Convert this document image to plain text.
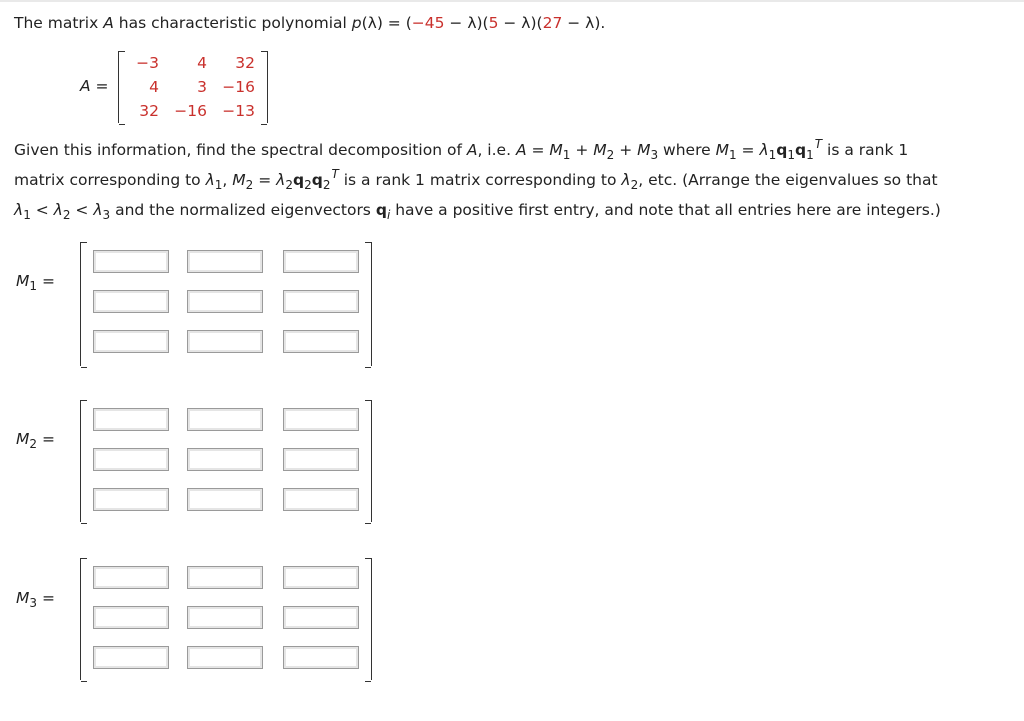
The matrix A has characteristic polynomial p(λ) = (−45 − λ)(5 − λ)(27 − λ).
A =
−3	4	32
4	3 −16
32 −16 −13
Given this information, find the spectral decomposition of A, i.e. $A = M_1 + M_2 + M_3$ where $M_1 = \lambda_1q_1q_1^T$ is a rank 1
matrix corresponding to $\lambda_1$, $M_2 = \lambda_2q_2q_2^T$ is a rank 1 matrix corresponding to $\lambda_2$, etc. (Arrange the eigenvalues so that
$\lambda_1 < \lambda_2 < \lambda_3$ and the normalized eigenvectors $q_i$ have a positive first entry, and note that all entries here are integers.)
$M_1$ =
$M_2$ =
$M_3$ =
